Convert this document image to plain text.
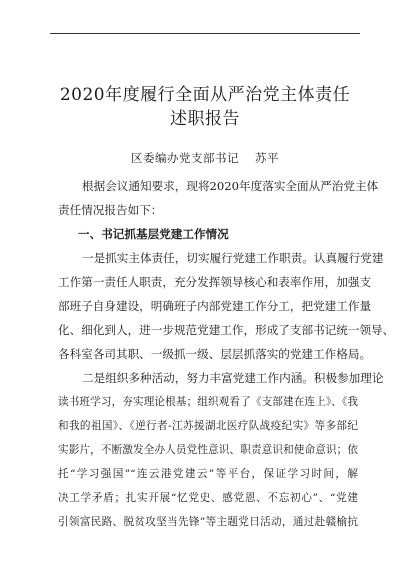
2020年度履行全面从严治党主体责任
述职报告
区委编办党支部书记 苏平
根据会议通知要求，现将2020年度落实全面从严治党主体
责任情况报告如下：
一、书记抓基层党建工作情况
一是抓实主体责任，切实履行党建工作职责。认真履行党建
工作第一责任人职责，充分发挥领导核心和表率作用，加强支
部班子自身建设，明确班子内部党建工作分工，把党建工作量
化、细化到人，进一步规范党建工作，形成了支部书记统一领导、
各科室各司其职、一级抓一级、层层抓落实的党建工作格局。
二是组织多种活动，努力丰富党建工作内涵。积极参加理论
读书班学习，夯实理论根基；组织观看了《支部建在连上》、《我
和我的祖国》、《逆行者-江苏援湖北医疗队战疫纪实》等多部纪
实影片，不断激发全办人员党性意识、职责意识和使命意识；依
托“学习强国”“连云港党建云”等平台，保证学习时间，解
决工学矛盾；扎实开展“忆党史、感党恩、不忘初心”、“党建
引领富民路、脱贫攻坚当先锋”等主题党日活动，通过赴赣榆抗
